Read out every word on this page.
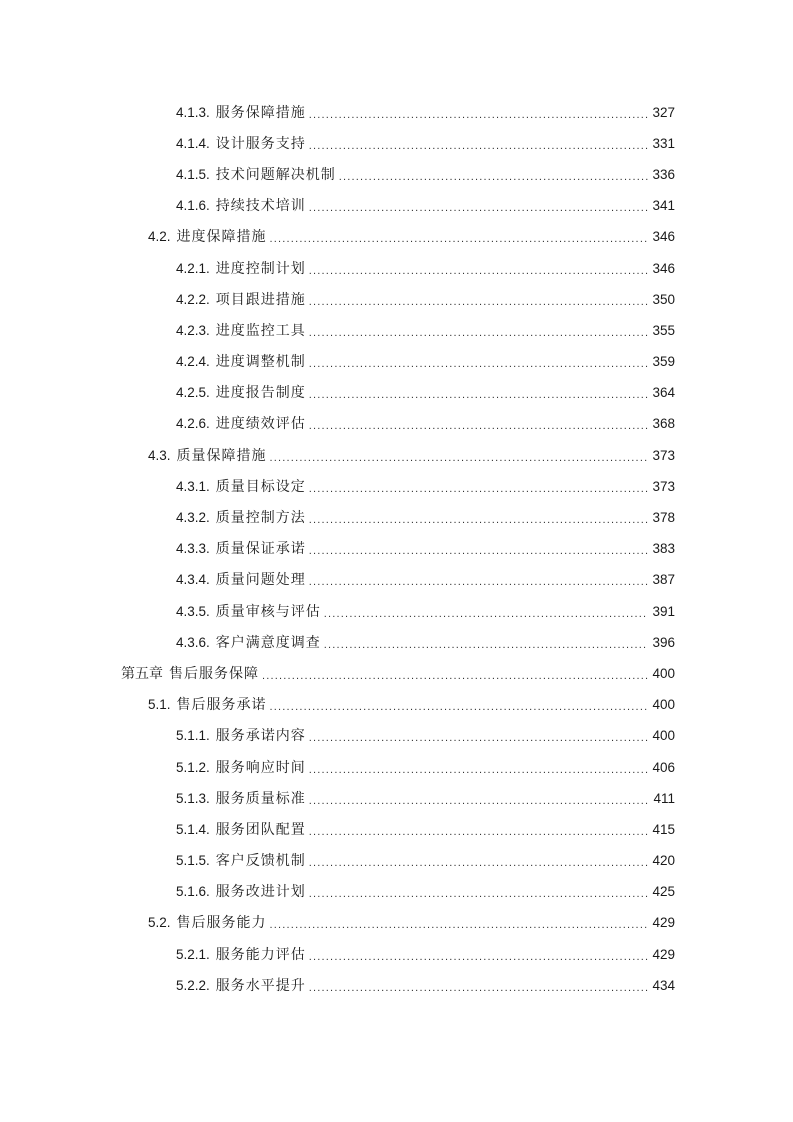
4.1.3. 服务保障措施 .....	327
4.1.4. 设计服务支持 .....	331
4.1.5. 技术问题解决机制 .....	336
4.1.6. 持续技术培训 .....	341
4.2. 进度保障措施 .....	346
4.2.1. 进度控制计划 .....	346
4.2.2. 项目跟进措施 .....	350
4.2.3. 进度监控工具 .....	355
4.2.4. 进度调整机制 .....	359
4.2.5. 进度报告制度 .....	364
4.2.6. 进度绩效评估 .....	368
4.3. 质量保障措施 .....	373
4.3.1. 质量目标设定 .....	373
4.3.2. 质量控制方法 .....	378
4.3.3. 质量保证承诺 .....	383
4.3.4. 质量问题处理 .....	387
4.3.5. 质量审核与评估 .....	391
4.3.6. 客户满意度调查 .....	396
第五章 售后服务保障 .....	400
5.1. 售后服务承诺 .....	400
5.1.1. 服务承诺内容 .....	400
5.1.2. 服务响应时间 .....	406
5.1.3. 服务质量标准 .....	411
5.1.4. 服务团队配置 .....	415
5.1.5. 客户反馈机制 .....	420
5.1.6. 服务改进计划 .....	425
5.2. 售后服务能力 .....	429
5.2.1. 服务能力评估 .....	429
5.2.2. 服务水平提升 .....	434
